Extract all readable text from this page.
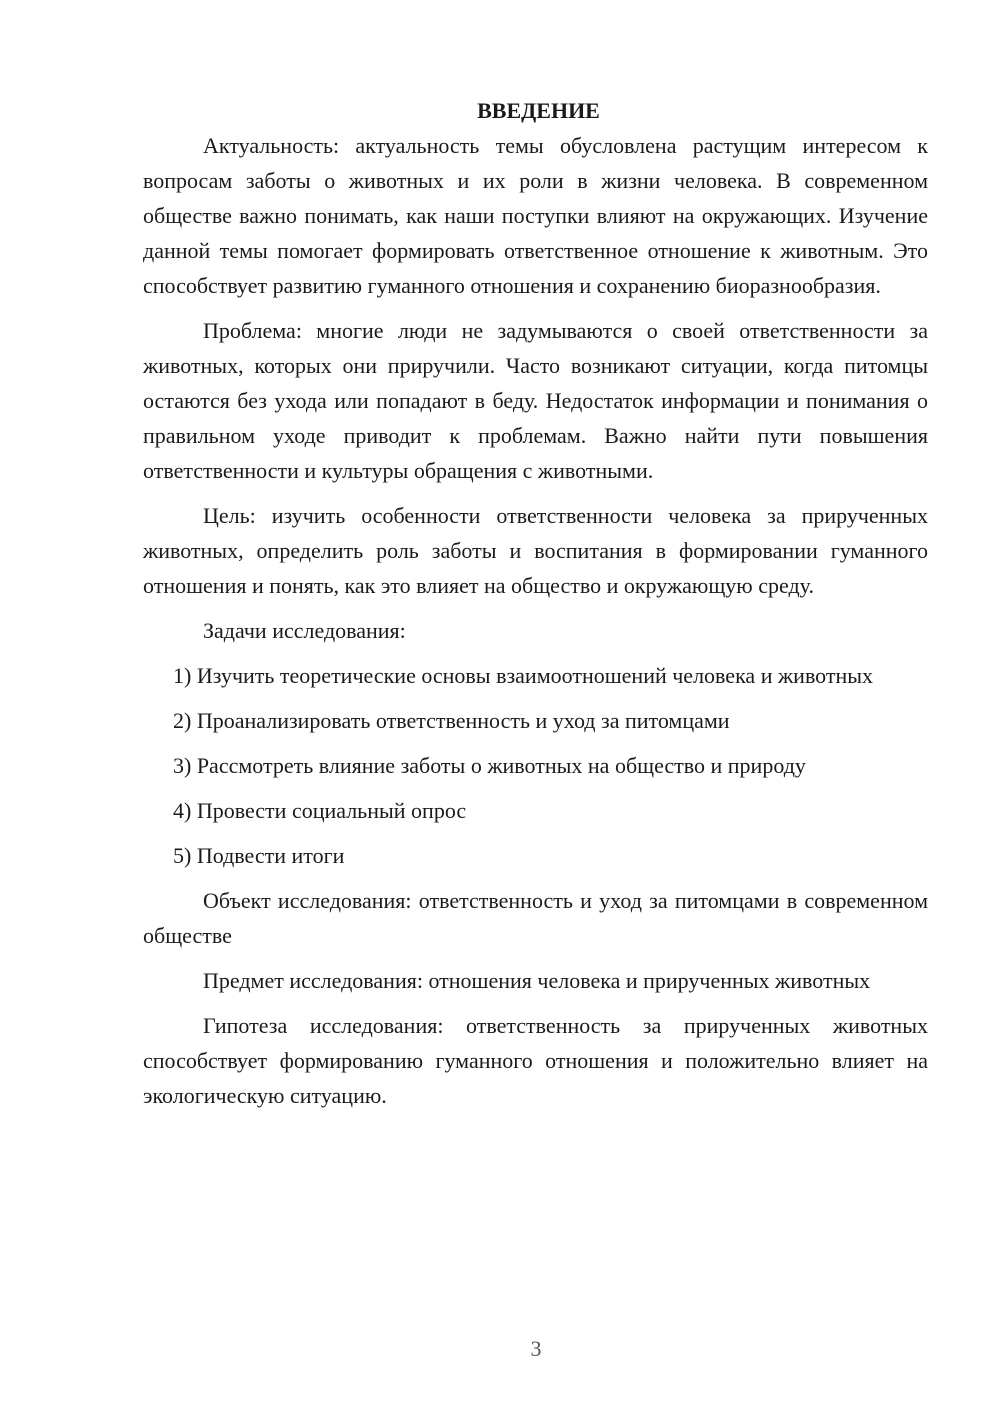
ВВЕДЕНИЕ

Актуальность: актуальность темы обусловлена растущим интересом к вопросам заботы о животных и их роли в жизни человека. В современном обществе важно понимать, как наши поступки влияют на окружающих. Изучение данной темы помогает формировать ответственное отношение к животным. Это способствует развитию гуманного отношения и сохранению биоразнообразия.

Проблема: многие люди не задумываются о своей ответственности за животных, которых они приручили. Часто возникают ситуации, когда питомцы остаются без ухода или попадают в беду. Недостаток информации и понимания о правильном уходе приводит к проблемам. Важно найти пути повышения ответственности и культуры обращения с животными.

Цель: изучить особенности ответственности человека за прирученных животных, определить роль заботы и воспитания в формировании гуманного отношения и понять, как это влияет на общество и окружающую среду.

Задачи исследования:

1) Изучить теоретические основы взаимоотношений человека и животных

2) Проанализировать ответственность и уход за питомцами

3) Рассмотреть влияние заботы о животных на общество и природу

4) Провести социальный опрос

5) Подвести итоги

Объект исследования: ответственность и уход за питомцами в современном обществе

Предмет исследования: отношения человека и прирученных животных

Гипотеза исследования: ответственность за прирученных животных способствует формированию гуманного отношения и положительно влияет на экологическую ситуацию.

3
